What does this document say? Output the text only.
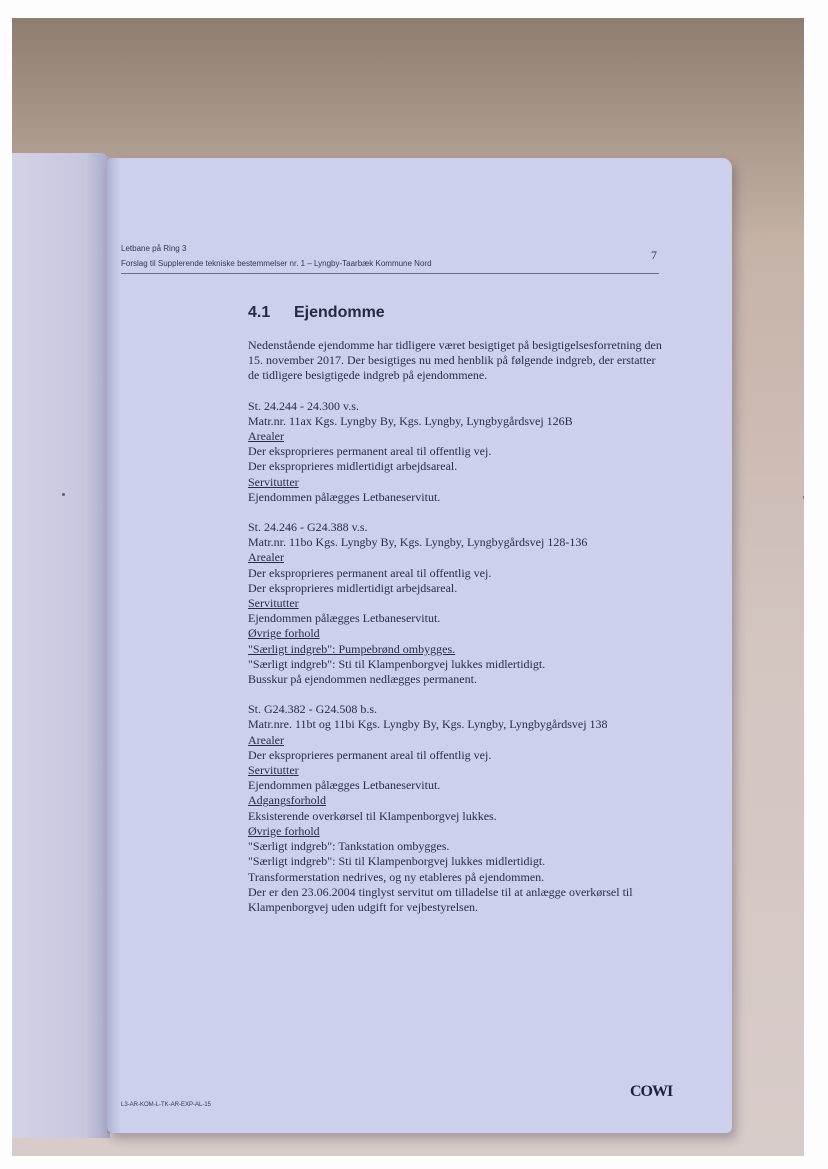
Letbane på Ring 3
Forslag til Supplerende tekniske bestemmelser nr. 1 – Lyngby-Taarbæk Kommune Nord
7
4.1 Ejendomme

Nedenstående ejendomme har tidligere været besigtiget på besigtigelsesforretning den 15. november 2017. Der besigtiges nu med henblik på følgende indgreb, der erstatter de tidligere besigtigede indgreb på ejendommene.

St. 24.244 - 24.300 v.s.
Matr.nr. 11ax Kgs. Lyngby By, Kgs. Lyngby, Lyngbygårdsvej 126B
Arealer
Der eksproprieres permanent areal til offentlig vej.
Der eksproprieres midlertidigt arbejdsareal.
Servitutter
Ejendommen pålægges Letbaneservitut.
St. 24.246 - G24.388 v.s.
Matr.nr. 11bo Kgs. Lyngby By, Kgs. Lyngby, Lyngbygårdsvej 128-136
Arealer
Der eksproprieres permanent areal til offentlig vej.
Der eksproprieres midlertidigt arbejdsareal.
Servitutter
Ejendommen pålægges Letbaneservitut.
Øvrige forhold
"Særligt indgreb": Pumpebrønd ombygges.
"Særligt indgreb": Sti til Klampenborgvej lukkes midlertidigt.
Busskur på ejendommen nedlægges permanent.
St. G24.382 - G24.508 b.s.
Matr.nre. 11bt og 11bi Kgs. Lyngby By, Kgs. Lyngby, Lyngbygårdsvej 138
Arealer
Der eksproprieres permanent areal til offentlig vej.
Servitutter
Ejendommen pålægges Letbaneservitut.
Adgangsforhold
Eksisterende overkørsel til Klampenborgvej lukkes.
Øvrige forhold
"Særligt indgreb": Tankstation ombygges.
"Særligt indgreb": Sti til Klampenborgvej lukkes midlertidigt.
Transformerstation nedrives, og ny etableres på ejendommen.
Der er den 23.06.2004 tinglyst servitut om tilladelse til at anlægge overkørsel til Klampenborgvej uden udgift for vejbestyrelsen.
L3-AR-KOM-L-TK-AR-EXP-AL-15
COWI
